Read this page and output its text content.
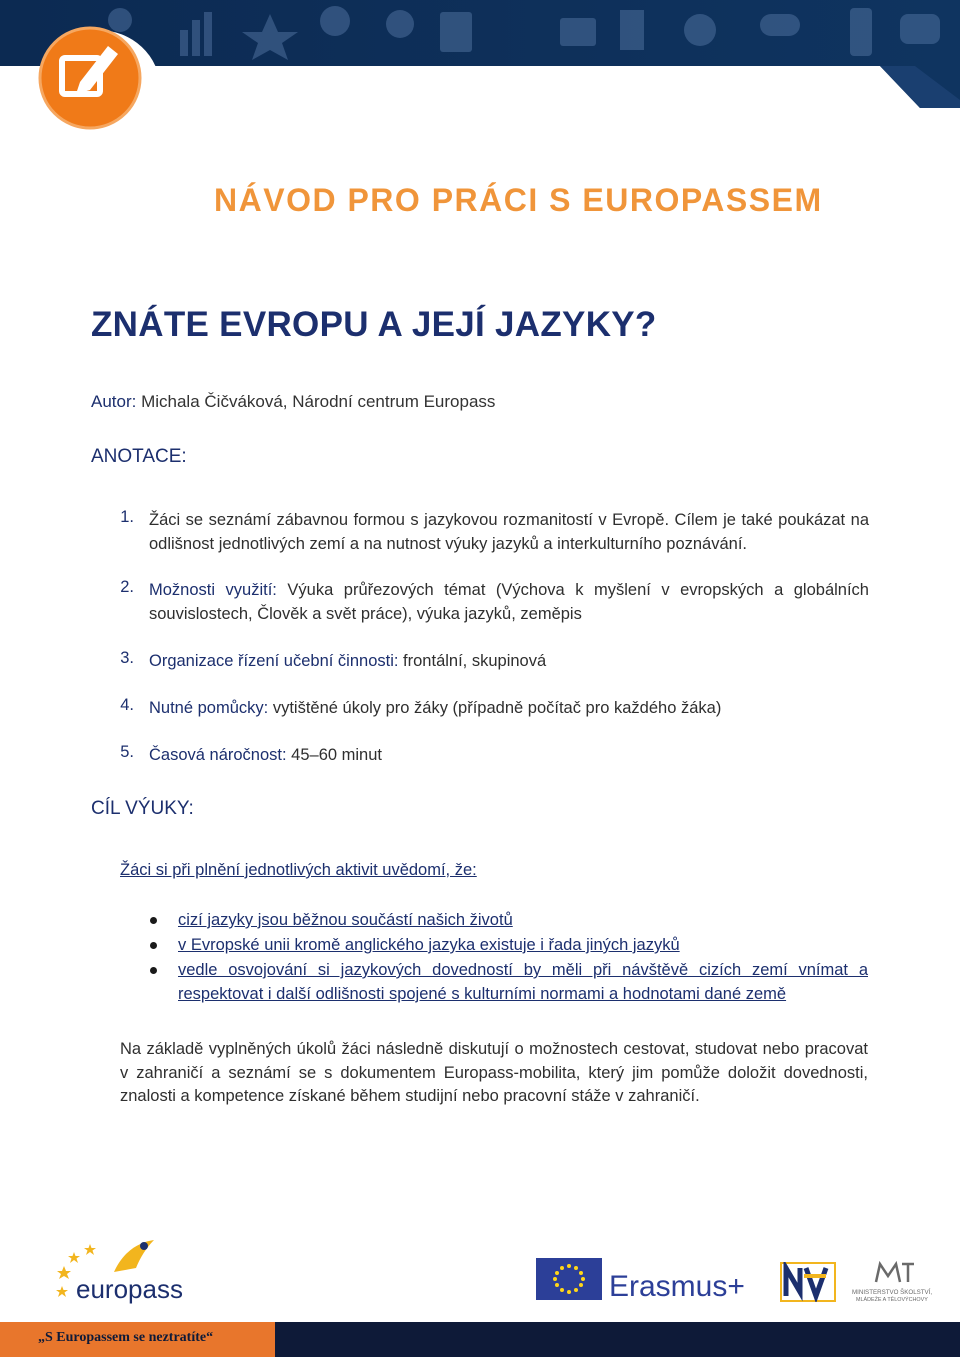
NÁVOD PRO PRÁCI S EUROPASSEM
ZNÁTE EVROPU A JEJÍ JAZYKY?
Autor: Michala Čičváková, Národní centrum Europass
ANOTACE:
1. Žáci se seznámí zábavnou formou s jazykovou rozmanitostí v Evropě. Cílem je také poukázat na odlišnost jednotlivých zemí a na nutnost výuky jazyků a interkulturního poznávání.
2. Možnosti využití: Výuka průřezových témat (Výchova k myšlení v evropských a globálních souvislostech, Člověk a svět práce), výuka jazyků, zeměpis
3. Organizace řízení učební činnosti: frontální, skupinová
4. Nutné pomůcky: vytištěné úkoly pro žáky (případně počítač pro každého žáka)
5. Časová náročnost: 45–60 minut
CÍL VÝUKY:
Žáci si při plnění jednotlivých aktivit uvědomí, že:
cizí jazyky jsou běžnou součástí našich životů
v Evropské unii kromě anglického jazyka existuje i řada jiných jazyků
vedle osvojování si jazykových dovedností by měli při návštěvě cizích zemí vnímat a respektovat i další odlišnosti spojené s kulturními normami a hodnotami dané země
Na základě vyplněných úkolů žáci následně diskutují o možnostech cestovat, studovat nebo pracovat v zahraničí a seznámí se s dokumentem Europass-mobilita, který jim pomůže doložit dovednosti, znalosti a kompetence získané během studijní nebo pracovní stáže v zahraničí.
europass	Erasmus+	MINISTERSTVO ŠKOLSTVÍ,
MLÁDEŽE A TĚLOVÝCHOVY
„S Europassem se neztratíte“
